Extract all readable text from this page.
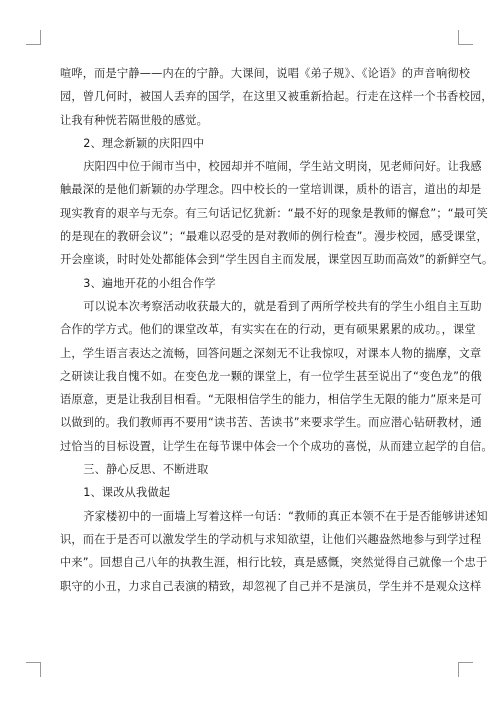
喧哗，而是宁静——内在的宁静。大课间，说唱《弟子规》、《论语》的声音响彻校
园，曾几何时，被国人丢弃的国学，在这里又被重新拾起。行走在这样一个书香校园，
让我有种恍若隔世般的感觉。
2、理念新颖的庆阳四中
庆阳四中位于闹市当中，校园却并不喧闹，学生站文明岗，见老师问好。让我感
触最深的是他们新颖的办学理念。四中校长的一堂培训课，质朴的语言，道出的却是
现实教育的艰辛与无奈。有三句话记忆犹新：“最不好的现象是教师的懈怠”；“最可笑
的是现在的教研会议”；“最难以忍受的是对教师的例行检查”。漫步校园，感受课堂，
开会座谈，时时处处都能体会到“学生因自主而发展，课堂因互助而高效”的新鲜空气。
3、遍地开花的小组合作学
可以说本次考察活动收获最大的，就是看到了两所学校共有的学生小组自主互助
合作的学方式。他们的课堂改革，有实实在在的行动，更有硕果累累的成功。，课堂
上，学生语言表达之流畅，回答问题之深刻无不让我惊叹，对课本人物的揣摩，文章
之研读让我自愧不如。在变色龙一颗的课堂上，有一位学生甚至说出了“变色龙”的俄
语原意，更是让我刮目相看。“无限相信学生的能力，相信学生无限的能力”原来是可
以做到的。我们教师再不要用“读书苦、苦读书”来要求学生。而应潜心钻研教材，通
过恰当的目标设置，让学生在每节课中体会一个个成功的喜悦，从而建立起学的自信。
三、静心反思、不断进取
1、课改从我做起
齐家楼初中的一面墙上写着这样一句话：“教师的真正本领不在于是否能够讲述知
识，而在于是否可以激发学生的学动机与求知欲望，让他们兴趣盎然地参与到学过程
中来”。回想自己八年的执教生涯，相行比较，真是感慨，突然觉得自己就像一个忠于
职守的小丑，力求自己表演的精致，却忽视了自己并不是演员，学生并不是观众这样
